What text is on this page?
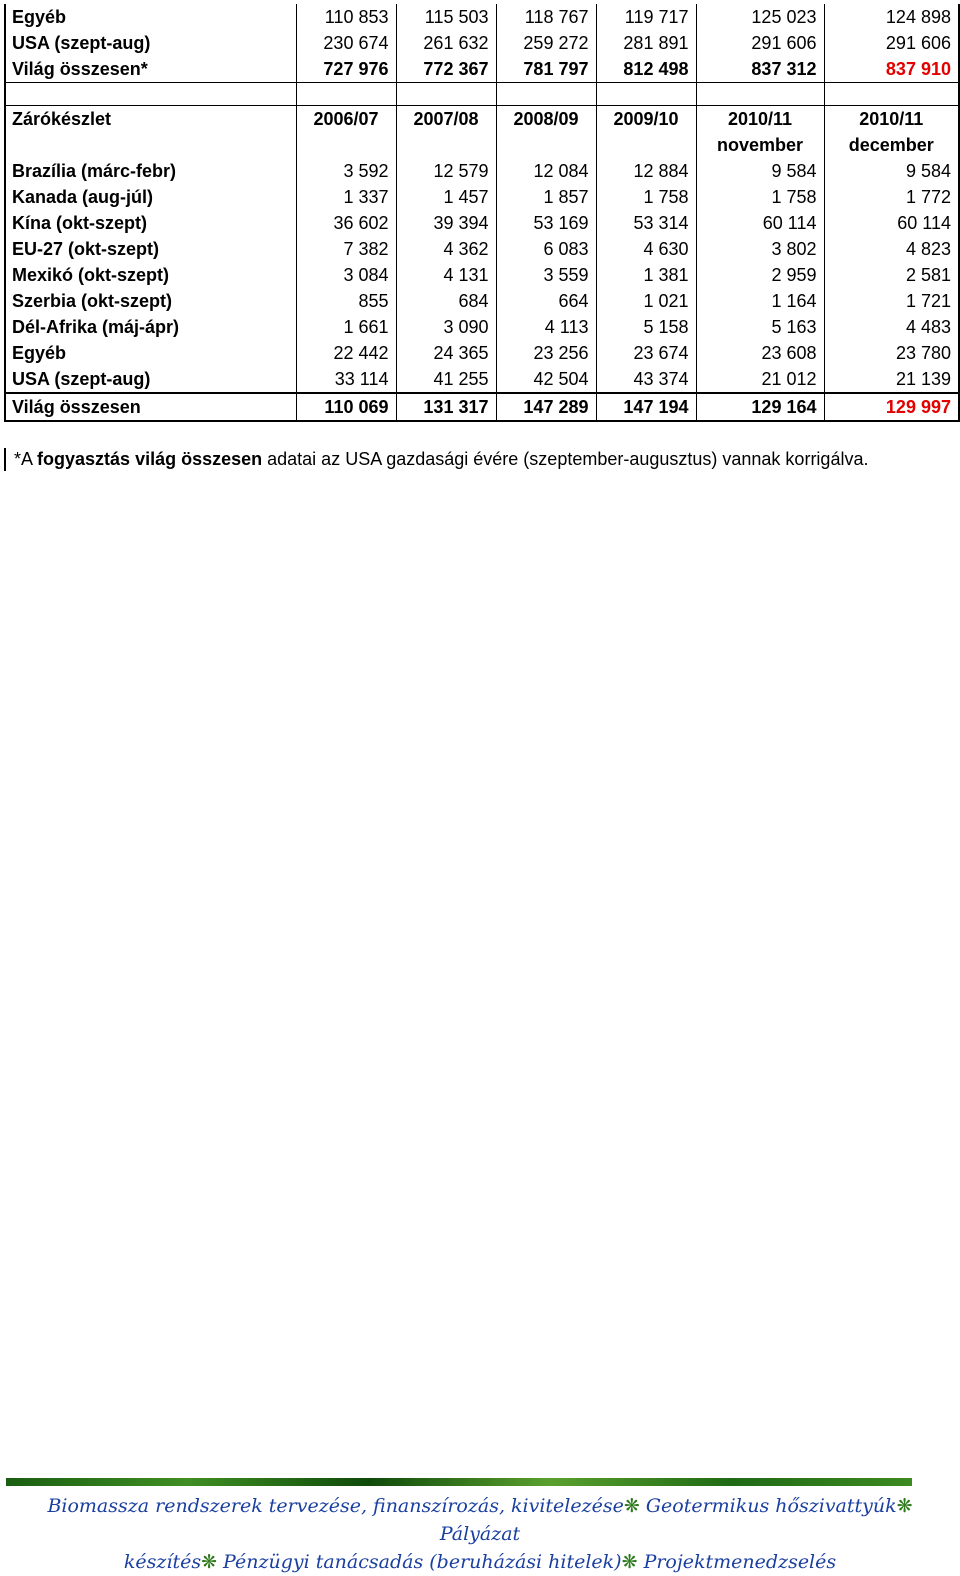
Egyéb	110 853	115 503	118 767	119 717	125 023	124 898
USA (szept-aug)	230 674	261 632	259 272	281 891	291 606	291 606
Világ összesen*	727 976	772 367	781 797	812 498	837 312	837 910

Zárókészlet	2006/07	2007/08	2008/09	2009/10	2010/11	2010/11
					november	december
Brazília (márc-febr)	3 592	12 579	12 084	12 884	9 584	9 584
Kanada (aug-júl)	1 337	1 457	1 857	1 758	1 758	1 772
Kína (okt-szept)	36 602	39 394	53 169	53 314	60 114	60 114
EU-27 (okt-szept)	7 382	4 362	6 083	4 630	3 802	4 823
Mexikó (okt-szept)	3 084	4 131	3 559	1 381	2 959	2 581
Szerbia (okt-szept)	855	684	664	1 021	1 164	1 721
Dél-Afrika (máj-ápr)	1 661	3 090	4 113	5 158	5 163	4 483
Egyéb	22 442	24 365	23 256	23 674	23 608	23 780
USA (szept-aug)	33 114	41 255	42 504	43 374	21 012	21 139
Világ összesen	110 069	131 317	147 289	147 194	129 164	129 997
*A fogyasztás világ összesen adatai az USA gazdasági évére (szeptember-augusztus) vannak korrigálva.
Biomassza rendszerek tervezése, finanszírozás, kivitelezése❋ Geotermikus hőszivattyúk❋ Pályázat
készítés❋ Pénzügyi tanácsadás (beruházási hitelek)❋ Projektmenedzselés
